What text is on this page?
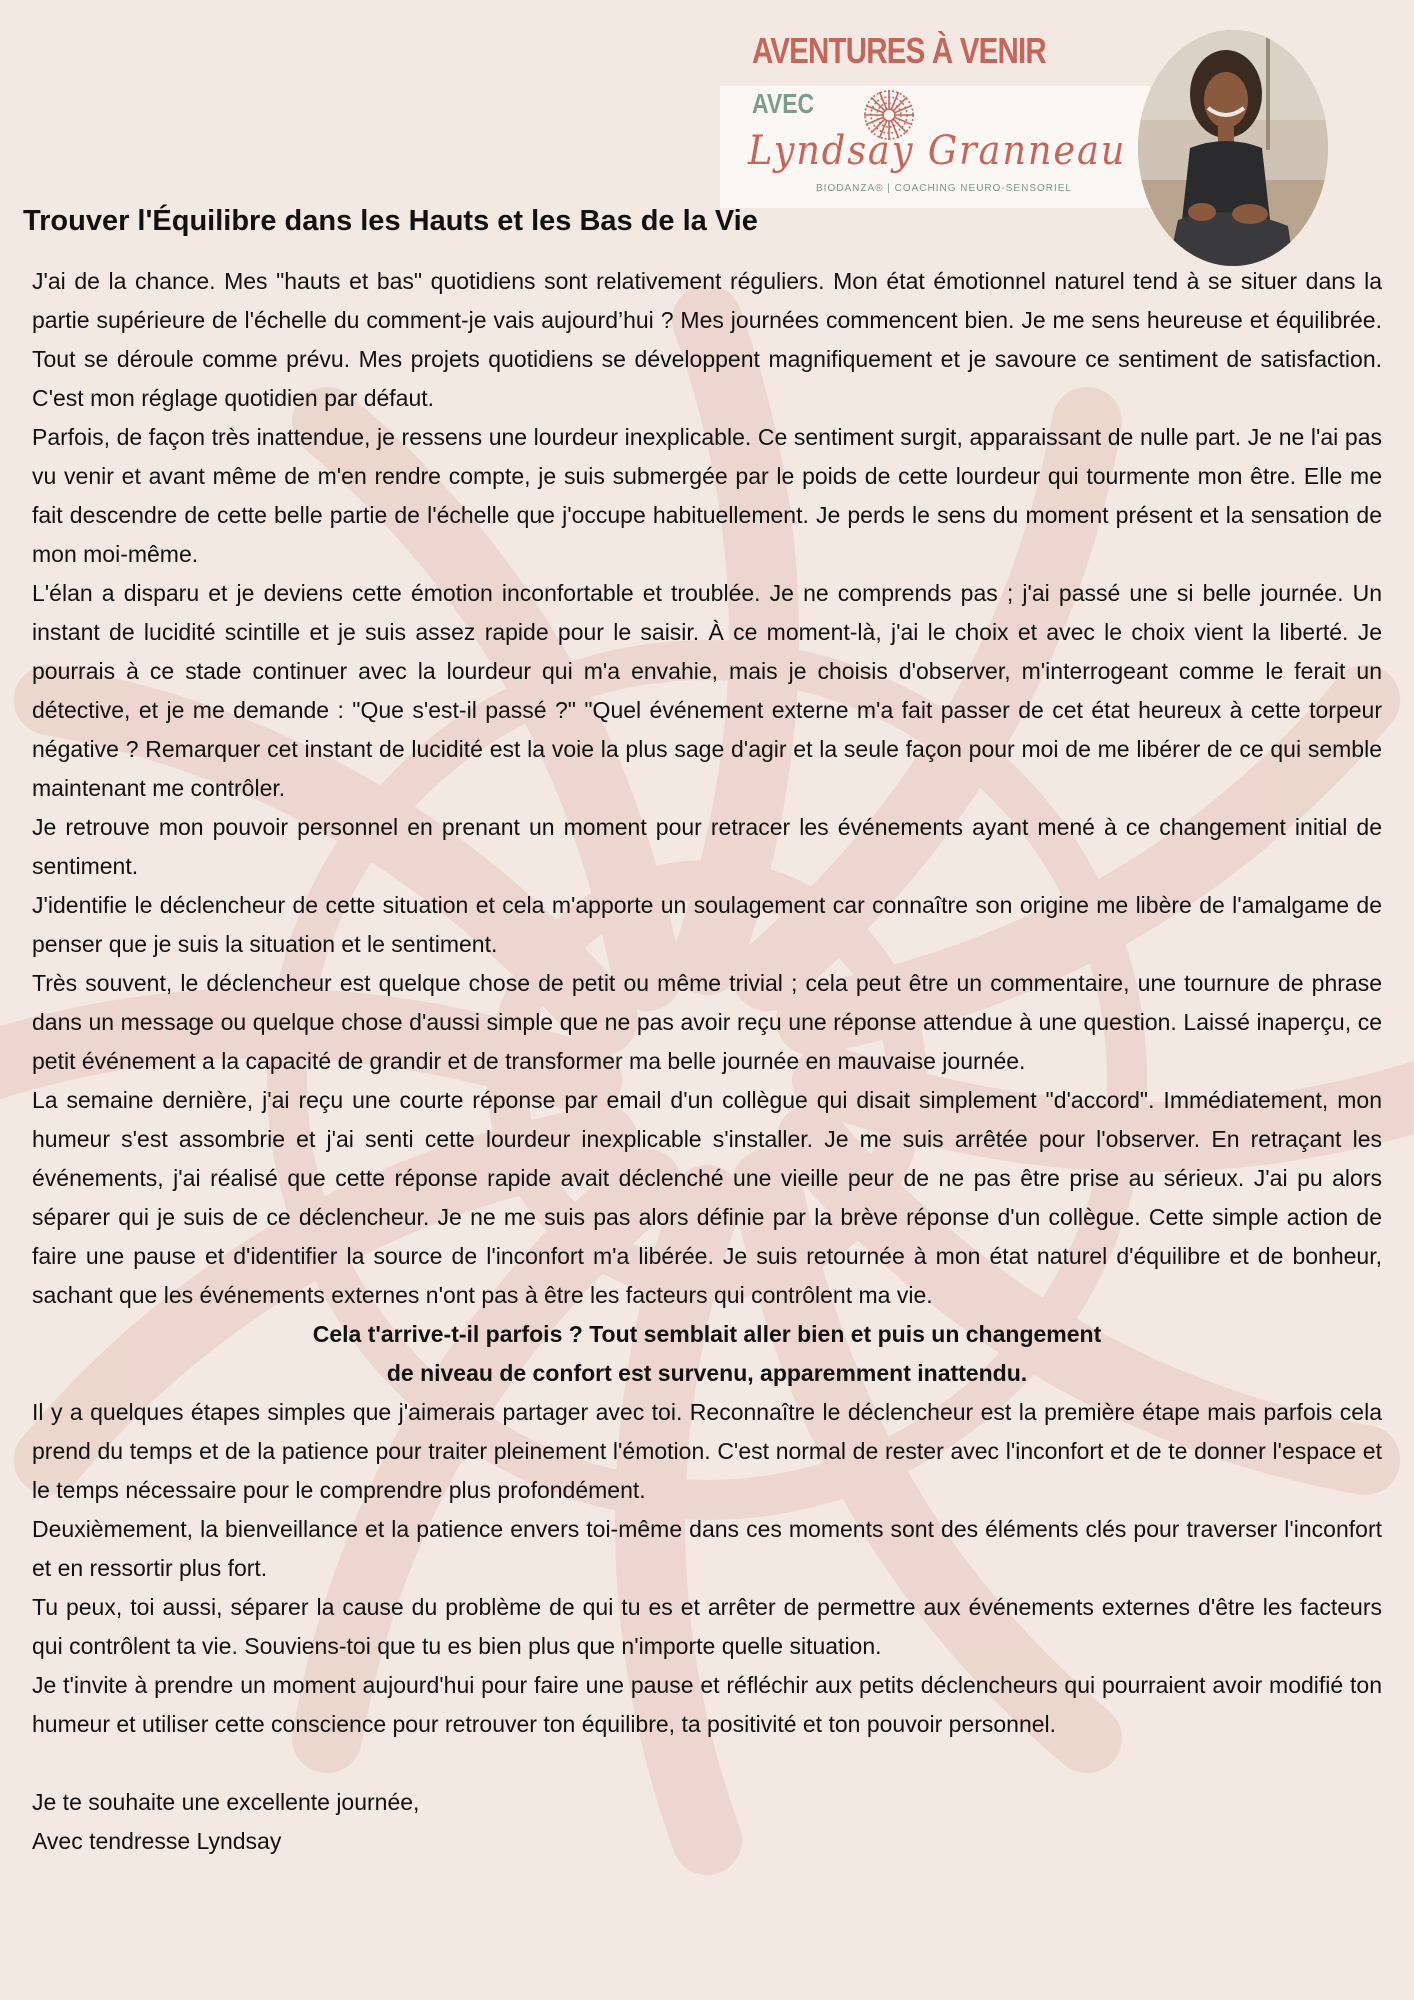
AVENTURES À VENIR
AVEC
Lyndsay Granneau
BIODANZA® | COACHING NEURO-SENSORIEL
Trouver l'Équilibre dans les Hauts et les Bas de la Vie

J'ai de la chance. Mes "hauts et bas" quotidiens sont relativement réguliers. Mon état émotionnel naturel tend à se situer dans la partie supérieure de l'échelle du comment-je vais aujourd’hui ? Mes journées commencent bien. Je me sens heureuse et équilibrée. Tout se déroule comme prévu. Mes projets quotidiens se développent magnifiquement et je savoure ce sentiment de satisfaction. C'est mon réglage quotidien par défaut.

Parfois, de façon très inattendue, je ressens une lourdeur inexplicable. Ce sentiment surgit, apparaissant de nulle part. Je ne l'ai pas vu venir et avant même de m'en rendre compte, je suis submergée par le poids de cette lourdeur qui tourmente mon être. Elle me fait descendre de cette belle partie de l'échelle que j'occupe habituellement. Je perds le sens du moment présent et la sensation de mon moi-même.

L'élan a disparu et je deviens cette émotion inconfortable et troublée. Je ne comprends pas ; j'ai passé une si belle journée. Un instant de lucidité scintille et je suis assez rapide pour le saisir. À ce moment-là, j'ai le choix et avec le choix vient la liberté. Je pourrais à ce stade continuer avec la lourdeur qui m'a envahie, mais je choisis d'observer, m'interrogeant comme le ferait un détective, et je me demande : "Que s'est-il passé ?" "Quel événement externe m'a fait passer de cet état heureux à cette torpeur négative ? Remarquer cet instant de lucidité est la voie la plus sage d'agir et la seule façon pour moi de me libérer de ce qui semble maintenant me contrôler.

Je retrouve mon pouvoir personnel en prenant un moment pour retracer les événements ayant mené à ce changement initial de sentiment.

J'identifie le déclencheur de cette situation et cela m'apporte un soulagement car connaître son origine me libère de l'amalgame de penser que je suis la situation et le sentiment.

Très souvent, le déclencheur est quelque chose de petit ou même trivial ; cela peut être un commentaire, une tournure de phrase dans un message ou quelque chose d'aussi simple que ne pas avoir reçu une réponse attendue à une question. Laissé inaperçu, ce petit événement a la capacité de grandir et de transformer ma belle journée en mauvaise journée.

La semaine dernière, j'ai reçu une courte réponse par email d'un collègue qui disait simplement "d'accord". Immédiatement, mon humeur s'est assombrie et j'ai senti cette lourdeur inexplicable s'installer. Je me suis arrêtée pour l'observer. En retraçant les événements, j'ai réalisé que cette réponse rapide avait déclenché une vieille peur de ne pas être prise au sérieux. J'ai pu alors séparer qui je suis de ce déclencheur. Je ne me suis pas alors définie par la brève réponse d'un collègue. Cette simple action de faire une pause et d'identifier la source de l'inconfort m'a libérée. Je suis retournée à mon état naturel d'équilibre et de bonheur, sachant que les événements externes n'ont pas à être les facteurs qui contrôlent ma vie.

Cela t'arrive-t-il parfois ? Tout semblait aller bien et puis un changement

de niveau de confort est survenu, apparemment inattendu.

Il y a quelques étapes simples que j'aimerais partager avec toi. Reconnaître le déclencheur est la première étape mais parfois cela prend du temps et de la patience pour traiter pleinement l'émotion. C'est normal de rester avec l'inconfort et de te donner l'espace et le temps nécessaire pour le comprendre plus profondément.

Deuxièmement, la bienveillance et la patience envers toi-même dans ces moments sont des éléments clés pour traverser l'inconfort et en ressortir plus fort.

Tu peux, toi aussi, séparer la cause du problème de qui tu es et arrêter de permettre aux événements externes d'être les facteurs qui contrôlent ta vie. Souviens-toi que tu es bien plus que n'importe quelle situation.

Je t'invite à prendre un moment aujourd'hui pour faire une pause et réfléchir aux petits déclencheurs qui pourraient avoir modifié ton humeur et utiliser cette conscience pour retrouver ton équilibre, ta positivité et ton pouvoir personnel.

Je te souhaite une excellente journée,

Avec tendresse Lyndsay
